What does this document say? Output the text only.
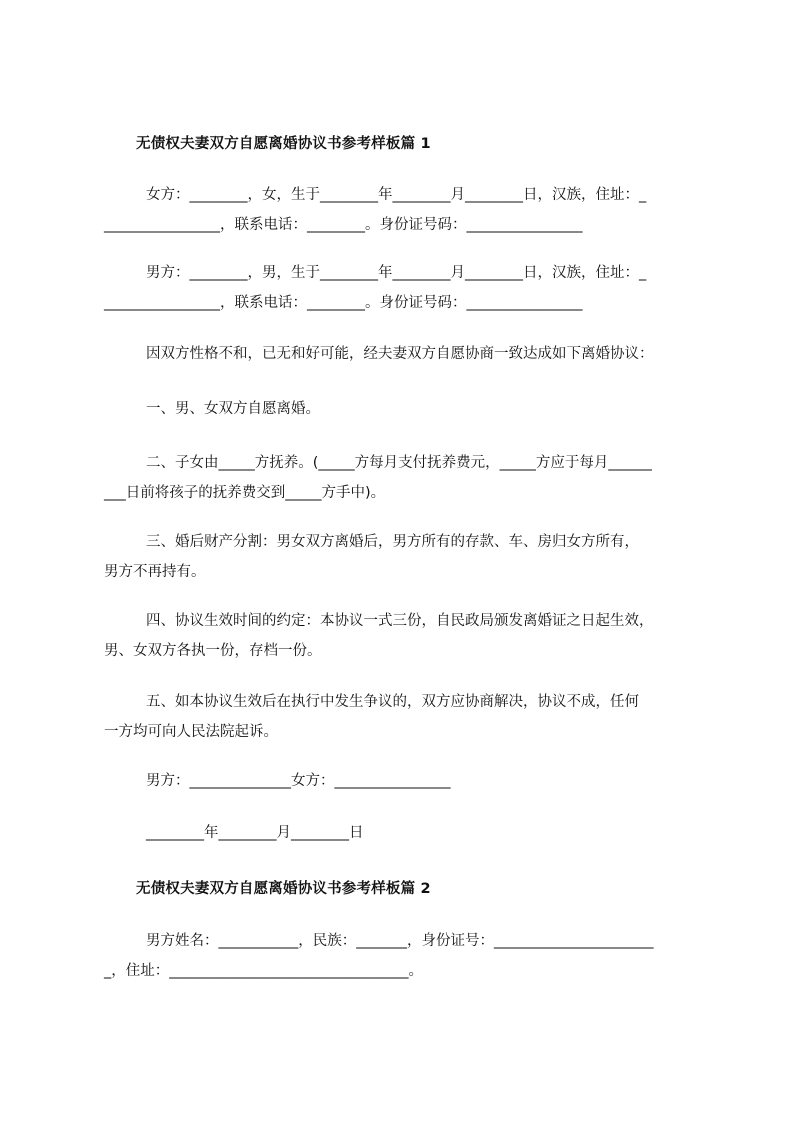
无债权夫妻双方自愿离婚协议书参考样板篇 1
女方：________，女，生于________年________月________日，汉族，住址：_
________________，联系电话：________。身份证号码：________________
男方：________，男，生于________年________月________日，汉族，住址：_
________________，联系电话：________。身份证号码：________________
因双方性格不和，已无和好可能，经夫妻双方自愿协商一致达成如下离婚协议：
一、男、女双方自愿离婚。
二、子女由_____方抚养。(_____方每月支付抚养费元，_____方应于每月______
___日前将孩子的抚养费交到_____方手中)。
三、婚后财产分割：男女双方离婚后，男方所有的存款、车、房归女方所有，
男方不再持有。
四、协议生效时间的约定：本协议一式三份，自民政局颁发离婚证之日起生效，
男、女双方各执一份，存档一份。
五、如本协议生效后在执行中发生争议的，双方应协商解决，协议不成，任何
一方均可向人民法院起诉。
男方：______________女方：________________
________年________月________日
无债权夫妻双方自愿离婚协议书参考样板篇 2
男方姓名：___________，民族：_______，身份证号：______________________
_，住址：_________________________________。
